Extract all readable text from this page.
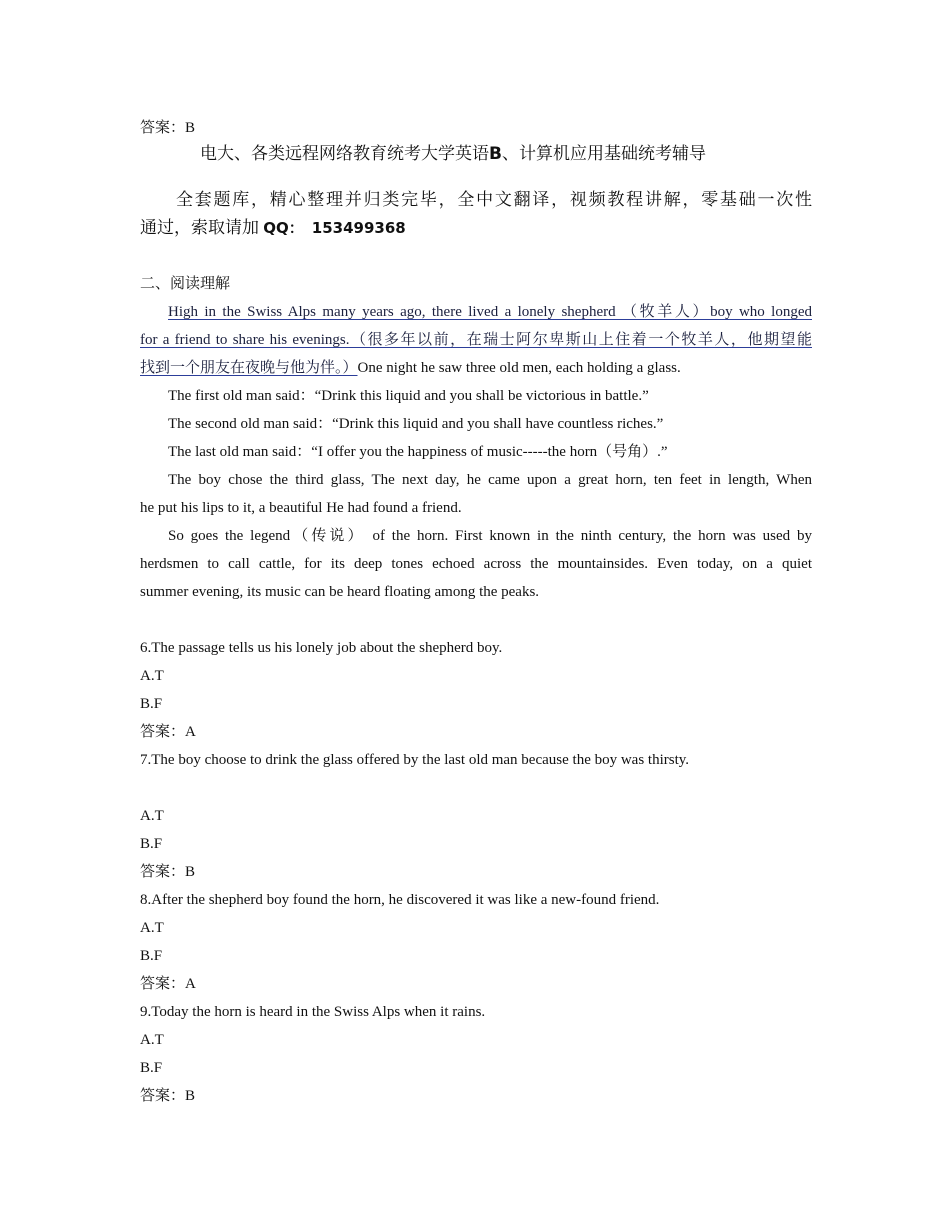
答案：B
电大、各类远程网络教育统考大学英语B、计算机应用基础统考辅导
全套题库，精心整理并归类完毕，全中文翻译，视频教程讲解，零基础一次性
通过，索取请加 QQ： 153499368
二、阅读理解
High in the Swiss Alps many years ago, there lived a lonely shepherd （牧羊人）boy who longed
for a friend to share his evenings.（很多年以前，在瑞士阿尔卑斯山上住着一个牧羊人，他期望能
找到一个朋友在夜晚与他为伴。）One night he saw three old men, each holding a glass.
The first old man said：“Drink this liquid and you shall be victorious in battle.”
The second old man said：“Drink this liquid and you shall have countless riches.”
The last old man said：“I offer you the happiness of music-----the horn（号角）.”
The boy chose the third glass, The next day, he came upon a great horn, ten feet in length, When
he put his lips to it, a beautiful He had found a friend.
So goes the legend（传说） of the horn. First known in the ninth century, the horn was used by
herdsmen to call cattle, for its deep tones echoed across the mountainsides. Even today, on a quiet
summer evening, its music can be heard floating among the peaks.
6.The passage tells us his lonely job about the shepherd boy.
A.T
B.F
答案：A
7.The boy choose to drink the glass offered by the last old man because the boy was thirsty.
A.T
B.F
答案：B
8.After the shepherd boy found the horn, he discovered it was like a new-found friend.
A.T
B.F
答案：A
9.Today the horn is heard in the Swiss Alps when it rains.
A.T
B.F
答案：B
